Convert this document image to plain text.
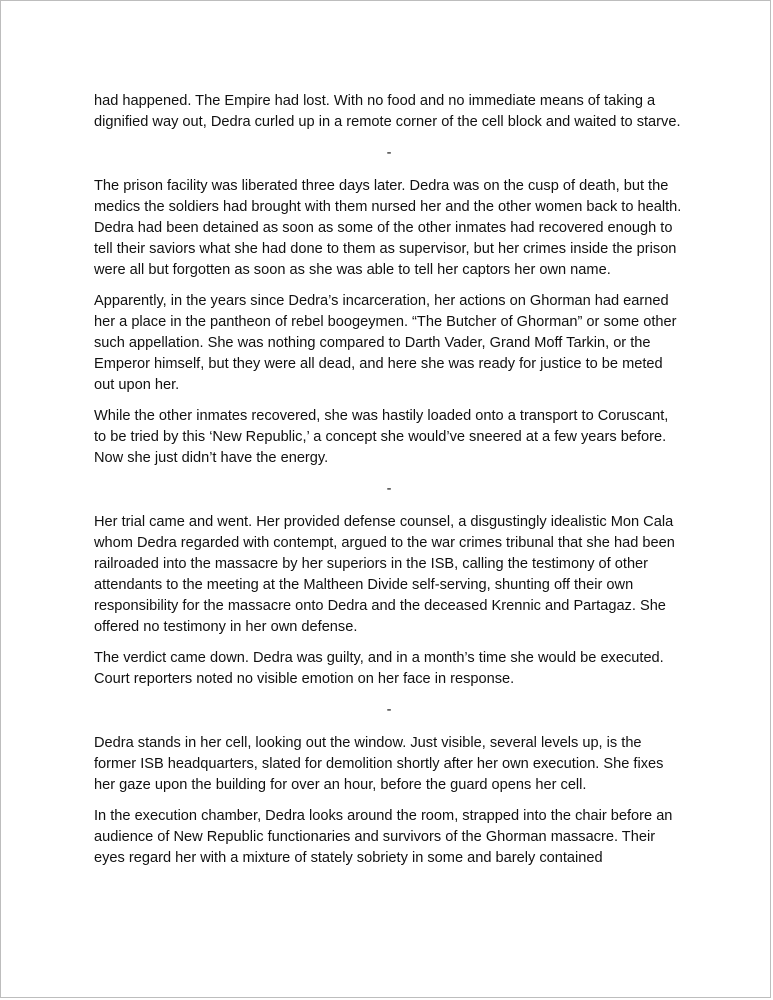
had happened. The Empire had lost. With no food and no immediate means of taking a dignified way out, Dedra curled up in a remote corner of the cell block and waited to starve.

-

The prison facility was liberated three days later. Dedra was on the cusp of death, but the medics the soldiers had brought with them nursed her and the other women back to health. Dedra had been detained as soon as some of the other inmates had recovered enough to tell their saviors what she had done to them as supervisor, but her crimes inside the prison were all but forgotten as soon as she was able to tell her captors her own name.

Apparently, in the years since Dedra’s incarceration, her actions on Ghorman had earned her a place in the pantheon of rebel boogeymen. “The Butcher of Ghorman” or some other such appellation. She was nothing compared to Darth Vader, Grand Moff Tarkin, or the Emperor himself, but they were all dead, and here she was ready for justice to be meted out upon her.

While the other inmates recovered, she was hastily loaded onto a transport to Coruscant, to be tried by this ‘New Republic,’ a concept she would’ve sneered at a few years before. Now she just didn’t have the energy.

-

Her trial came and went. Her provided defense counsel, a disgustingly idealistic Mon Cala whom Dedra regarded with contempt, argued to the war crimes tribunal that she had been railroaded into the massacre by her superiors in the ISB, calling the testimony of other attendants to the meeting at the Maltheen Divide self-serving, shunting off their own responsibility for the massacre onto Dedra and the deceased Krennic and Partagaz. She offered no testimony in her own defense.

The verdict came down. Dedra was guilty, and in a month’s time she would be executed. Court reporters noted no visible emotion on her face in response.

-

Dedra stands in her cell, looking out the window. Just visible, several levels up, is the former ISB headquarters, slated for demolition shortly after her own execution. She fixes her gaze upon the building for over an hour, before the guard opens her cell.

In the execution chamber, Dedra looks around the room, strapped into the chair before an audience of New Republic functionaries and survivors of the Ghorman massacre. Their eyes regard her with a mixture of stately sobriety in some and barely contained
